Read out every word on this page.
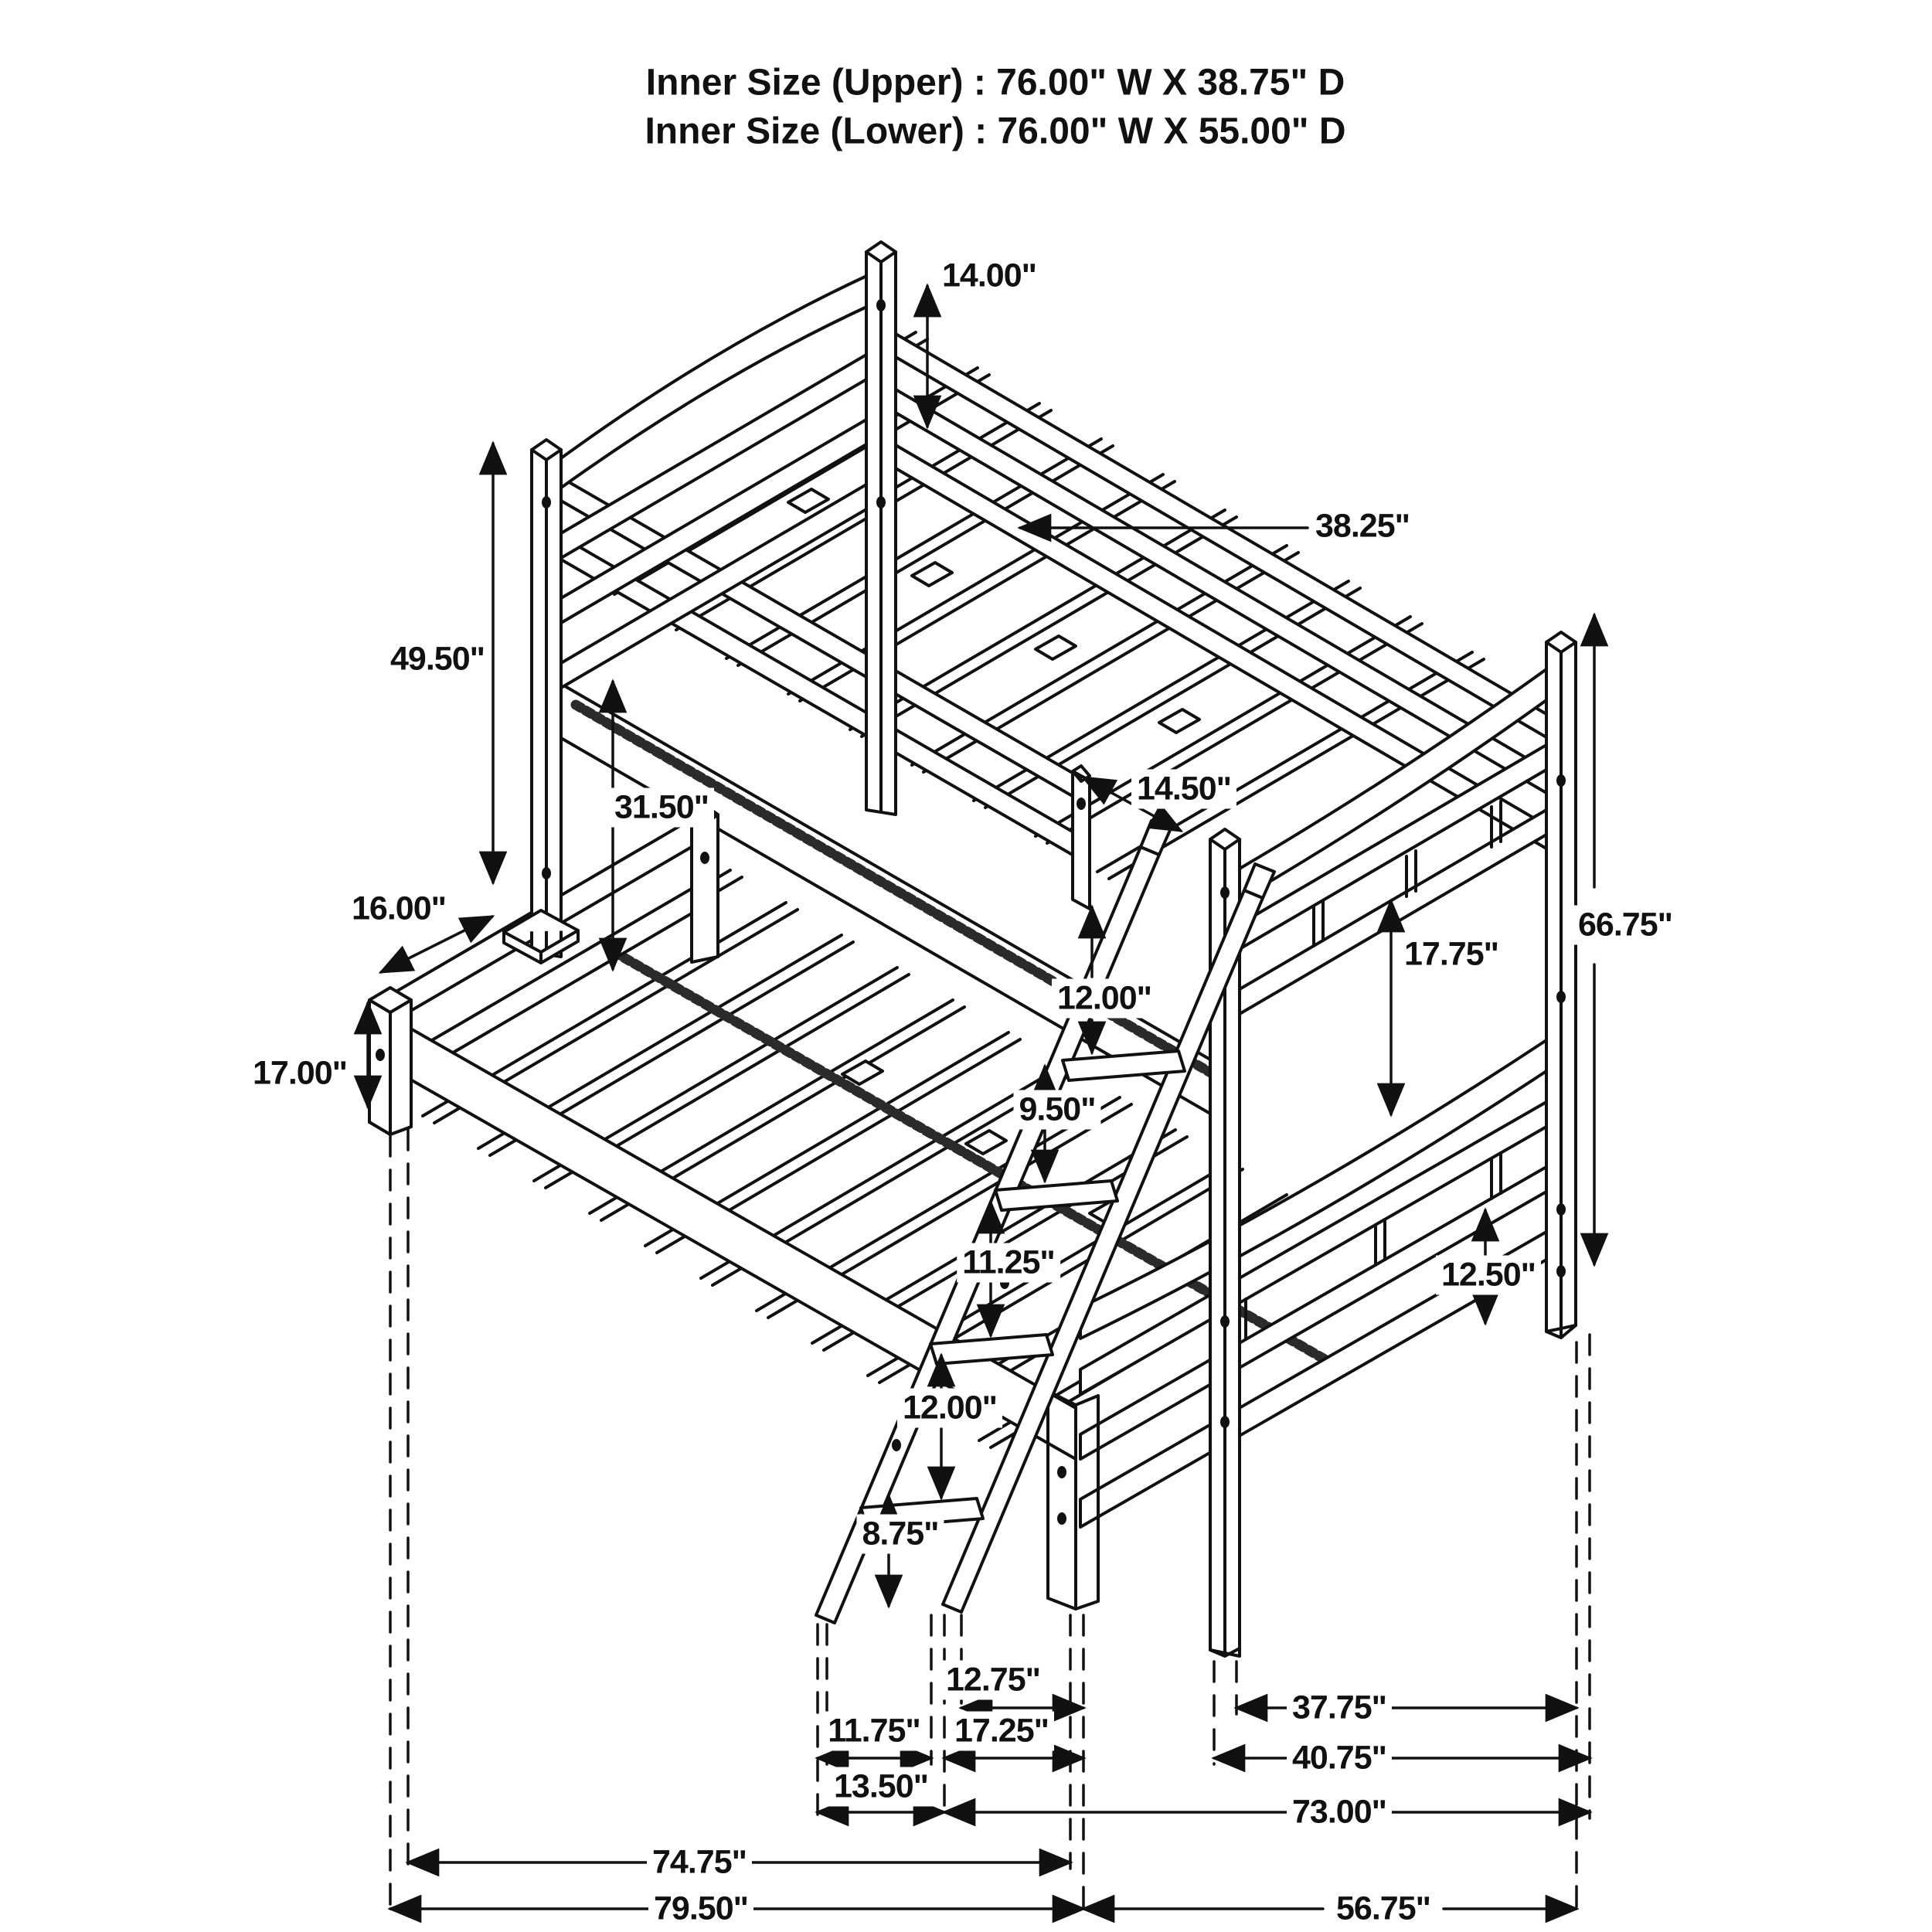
Inner Size (Upper) : 76.00" W X 38.75" D
Inner Size (Lower) : 76.00" W X 55.00" D
14.00"
38.25"
49.50"
31.50"
16.00"
14.50"
17.00"
12.00"
9.50"
11.25"
12.00"
8.75"
17.75"
66.75"
12.50"
12.75"
37.75"
11.75" 17.25"
40.75"
13.50"
73.00"
74.75"
79.50"	56.75"
